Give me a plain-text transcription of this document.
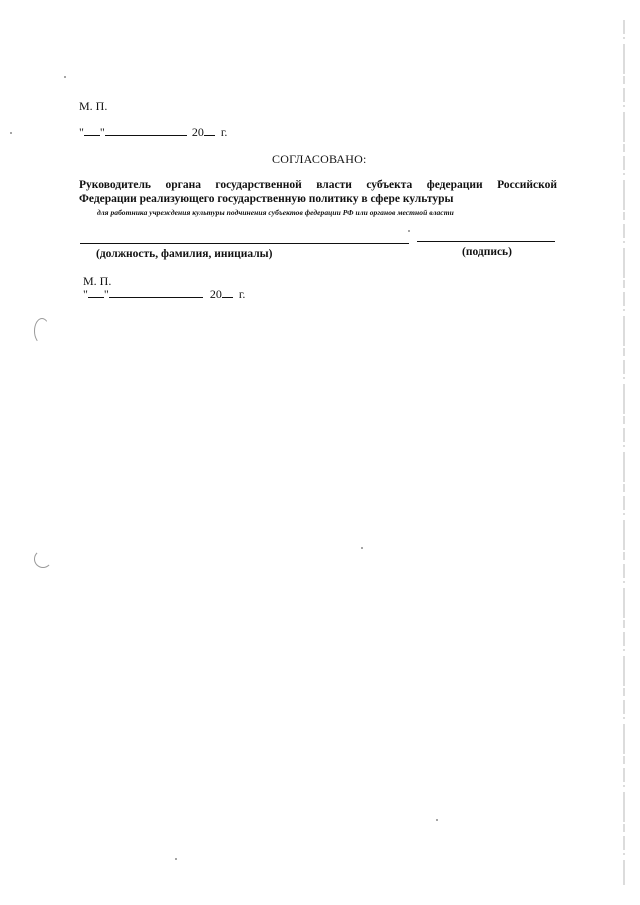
М. П.
" "	20 г.
СОГЛАСОВАНО:
Руководитель органа государственной власти субъекта федерации Российской
Федерации реализующего государственную политику в сфере культуры
для работника учреждения культуры подчинения субъектов федерации РФ или органов местной власти
(должность, фамилия, инициалы)	(подпись)
М. П.
" "	20 г.
